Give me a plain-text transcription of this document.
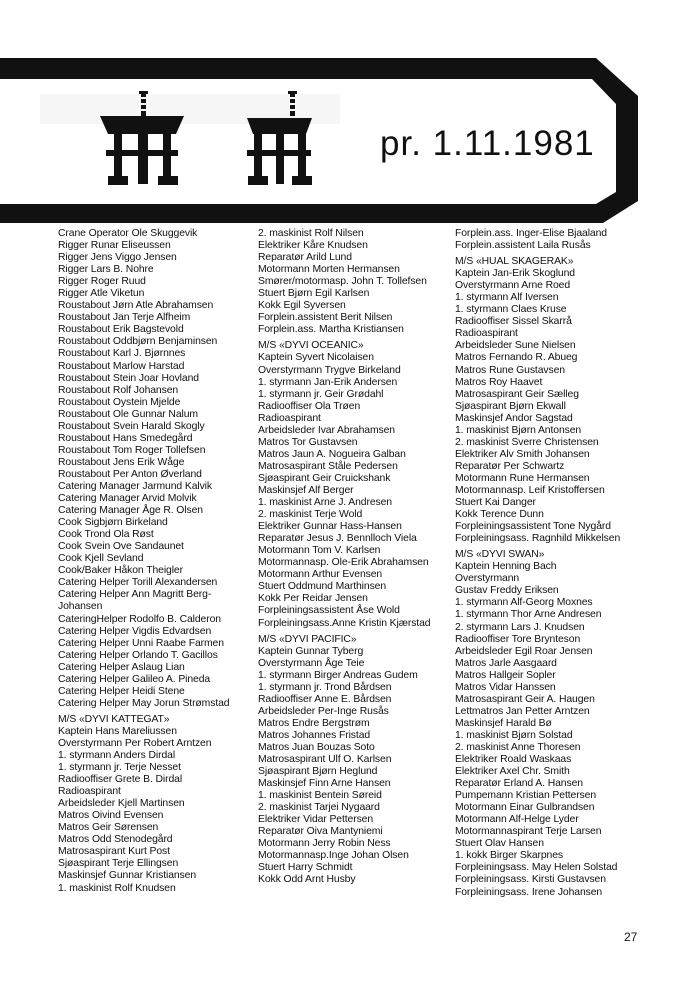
pr. 1.11.1981
Crane Operator Ole Skuggevik
Rigger Runar Eliseussen
Rigger Jens Viggo Jensen
Rigger Lars B. Nohre
Rigger Roger Ruud
Rigger Atle Viketun
Roustabout Jørn Atle Abrahamsen
Roustabout Jan Terje Alfheim
Roustabout Erik Bagstevold
Roustabout Oddbjørn Benjaminsen
Roustabout Karl J. Bjørnnes
Roustabout Marlow Harstad
Roustabout Stein Joar Hovland
Roustabout Rolf Johansen
Roustabout Oystein Mjelde
Roustabout Ole Gunnar Nalum
Roustabout Svein Harald Skogly
Roustabout Hans Smedegård
Roustabout Tom Roger Tollefsen
Roustabout Jens Erik Wåge
Roustabout Per Anton Øverland
Catering Manager Jarmund Kalvik
Catering Manager Arvid Molvik
Catering Manager Åge R. Olsen
Cook Sigbjørn Birkeland
Cook Trond Ola Røst
Cook Svein Ove Sandaunet
Cook Kjell Sevland
Cook/Baker Håkon Theigler
Catering Helper Torill Alexandersen
Catering Helper Ann Magritt Berg-Johansen
CateringHelper Rodolfo B. Calderon
Catering Helper Vigdis Edvardsen
Catering Helper Unni Raabe Farmen
Catering Helper Orlando T. Gacillos
Catering Helper Aslaug Lian
Catering Helper Galileo A. Pineda
Catering Helper Heidi Stene
Catering Helper May Jorun Strømstad
M/S «DYVI KATTEGAT»
Kaptein Hans Mareliussen
Overstyrmann Per Robert Arntzen
1. styrmann Anders Dirdal
1. styrmann jr. Terje Nesset
Radiooffiser Grete B. Dirdal
Radioaspirant
Arbeidsleder Kjell Martinsen
Matros Oivind Evensen
Matros Geir Sørensen
Matros Odd Stenodegård
Matrosaspirant Kurt Post
Sjøaspirant Terje Ellingsen
Maskinsjef Gunnar Kristiansen
1. maskinist Rolf Knudsen
2. maskinist Rolf Nilsen
Elektriker Kåre Knudsen
Reparatør Arild Lund
Motormann Morten Hermansen
Smører/motormasp. John T. Tollefsen
Stuert Bjørn Egil Karlsen
Kokk Egil Syversen
Forplein.assistent Berit Nilsen
Forplein.ass. Martha Kristiansen
M/S «DYVI OCEANIC»
Kaptein Syvert Nicolaisen
Overstyrmann Trygve Birkeland
1. styrmann Jan-Erik Andersen
1. styrmann jr. Geir Grødahl
Radiooffiser Ola Trøen
Radioaspirant
Arbeidsleder Ivar Abrahamsen
Matros Tor Gustavsen
Matros Jaun A. Nogueira Galban
Matrosaspirant Ståle Pedersen
Sjøaspirant Geir Cruickshank
Maskinsjef Alf Berger
1. maskinist Arne J. Andresen
2. maskinist Terje Wold
Elektriker Gunnar Hass-Hansen
Reparatør Jesus J. Bennlloch Viela
Motormann Tom V. Karlsen
Motormannasp. Ole-Erik Abrahamsen
Motormann Arthur Evensen
Stuert Oddmund Marthinsen
Kokk Per Reidar Jensen
Forpleiningsassistent Åse Wold
Forpleiningsass.Anne Kristin Kjærstad
M/S «DYVI PACIFIC»
Kaptein Gunnar Tyberg
Overstyrmann Åge Teie
1. styrmann Birger Andreas Gudem
1. styrmann jr. Trond Bårdsen
Radiooffiser Anne E. Bårdsen
Arbeidsleder Per-Inge Rusås
Matros Endre Bergstrøm
Matros Johannes Fristad
Matros Juan Bouzas Soto
Matrosaspirant Ulf O. Karlsen
Sjøaspirant Bjørn Heglund
Maskinsjef Finn Arne Hansen
1. maskinist Bentein Søreid
2. maskinist Tarjei Nygaard
Elektriker Vidar Pettersen
Reparatør Oiva Mantyniemi
Motormann Jerry Robin Ness
Motormannasp.Inge Johan Olsen
Stuert Harry Schmidt
Kokk Odd Arnt Husby
Forplein.ass. Inger-Elise Bjaaland
Forplein.assistent Laila Rusås
M/S «HUAL SKAGERAK»
Kaptein Jan-Erik Skoglund
Overstyrmann Arne Roed
1. styrmann Alf Iversen
1. styrmann Claes Kruse
Radiooffiser Sissel Skarrå
Radioaspirant
Arbeidsleder Sune Nielsen
Matros Fernando R. Abueg
Matros Rune Gustavsen
Matros Roy Haavet
Matrosaspirant Geir Sælleg
Sjøaspirant Bjørn Ekwall
Maskinsjef Andor Sagstad
1. maskinist Bjørn Antonsen
2. maskinist Sverre Christensen
Elektriker Alv Smith Johansen
Reparatør Per Schwartz
Motormann Rune Hermansen
Motormannasp. Leif Kristoffersen
Stuert Kai Danger
Kokk Terence Dunn
Forpleiningsassistent Tone Nygård
Forpleiningsass. Ragnhild Mikkelsen
M/S «DYVI SWAN»
Kaptein Henning Bach
Overstyrmann
Gustav Freddy Eriksen
1. styrmann Alf-Georg Moxnes
1. styrmann Thor Arne Andresen
2. styrmann Lars J. Knudsen
Radiooffiser Tore Brynteson
Arbeidsleder Egil Roar Jensen
Matros Jarle Aasgaard
Matros Hallgeir Sopler
Matros Vidar Hanssen
Matrosaspirant Geir A. Haugen
Lettmatros Jan Petter Arntzen
Maskinsjef Harald Bø
1. maskinist Bjørn Solstad
2. maskinist Anne Thoresen
Elektriker Roald Waskaas
Elektriker Axel Chr. Smith
Reparatør Erland A. Hansen
Pumpemann Kristian Pettersen
Motormann Einar Gulbrandsen
Motormann Alf-Helge Lyder
Motormannaspirant Terje Larsen
Stuert Olav Hansen
1. kokk Birger Skarpnes
Forpleiningsass. May Helen Solstad
Forpleiningsass. Kirsti Gustavsen
Forpleiningsass. Irene Johansen
27
